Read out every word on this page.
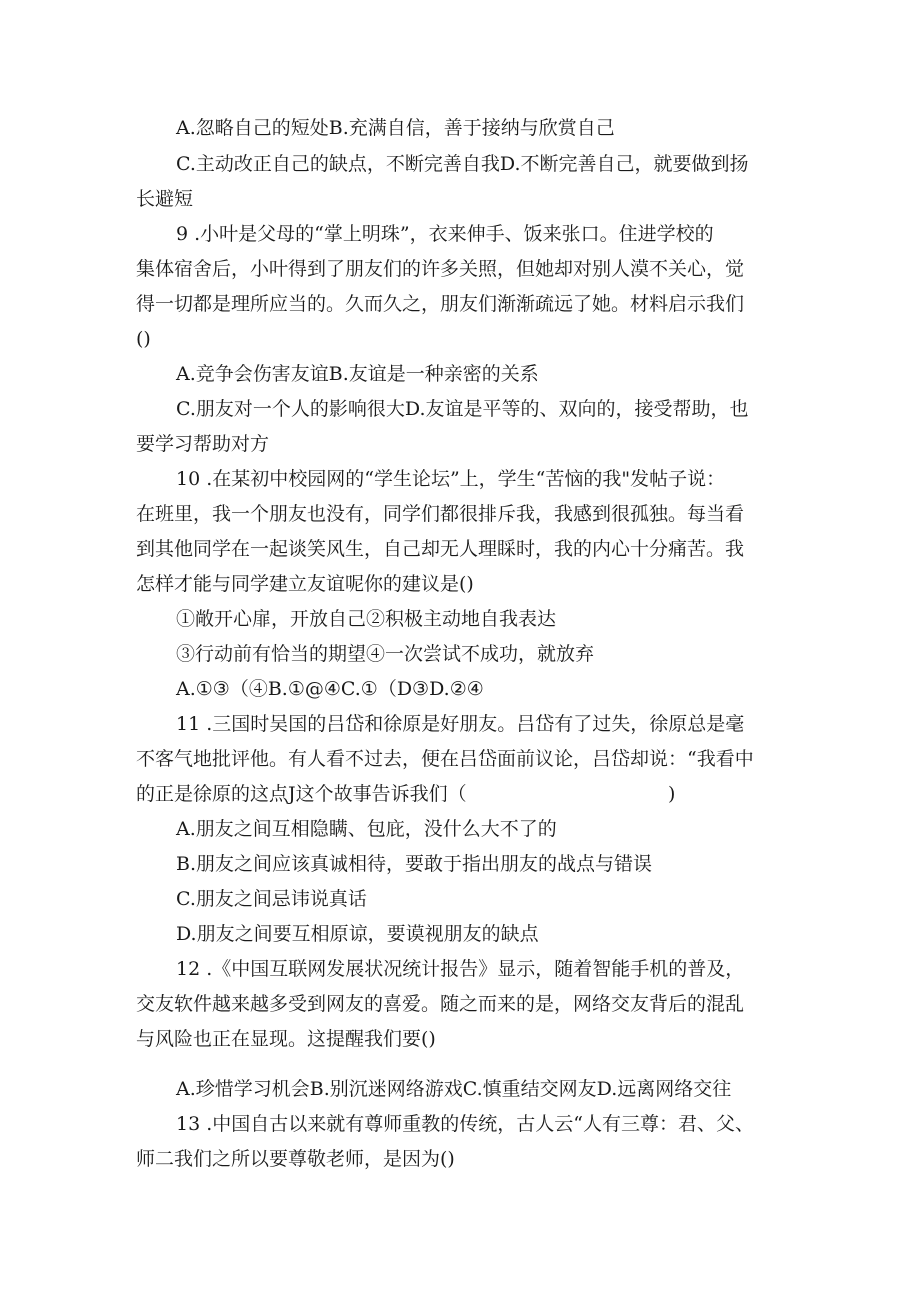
A.忽略自己的短处B.充满自信，善于接纳与欣赏自己
C.主动改正自己的缺点，不断完善自我D.不断完善自己，就要做到扬
长避短
9 .小叶是父母的“掌上明珠”，衣来伸手、饭来张口。住进学校的
集体宿舍后，小叶得到了朋友们的许多关照，但她却对别人漠不关心，觉
得一切都是理所应当的。久而久之，朋友们渐渐疏远了她。材料启示我们
()
A.竞争会伤害友谊B.友谊是一种亲密的关系
C.朋友对一个人的影响很大D.友谊是平等的、双向的，接受帮助，也
要学习帮助对方
10 .在某初中校园网的“学生论坛”上，学生“苦恼的我"发帖子说：
在班里，我一个朋友也没有，同学们都很排斥我，我感到很孤独。每当看
到其他同学在一起谈笑风生，自己却无人理睬时，我的内心十分痛苦。我
怎样才能与同学建立友谊呢你的建议是()
①敞开心扉，开放自己②积极主动地自我表达
③行动前有恰当的期望④一次尝试不成功，就放弃
A.①③（④B.①@④C.①（D③D.②④
11 .三国时吴国的吕岱和徐原是好朋友。吕岱有了过失，徐原总是毫
不客气地批评他。有人看不过去，便在吕岱面前议论，吕岱却说：“我看中
的正是徐原的这点J这个故事告诉我们（	)
A.朋友之间互相隐瞒、包庇，没什么大不了的
B.朋友之间应该真诚相待，要敢于指出朋友的战点与错误
C.朋友之间忌讳说真话
D.朋友之间要互相原谅，要谟视朋友的缺点
12 .《中国互联网发展状况统计报告》显示，随着智能手机的普及，
交友软件越来越多受到网友的喜爱。随之而来的是，网络交友背后的混乱
与风险也正在显现。这提醒我们要()
A.珍惜学习机会B.别沉迷网络游戏C.慎重结交网友D.远离网络交往
13 .中国自古以来就有尊师重教的传统，古人云“人有三尊：君、父、
师二我们之所以要尊敬老师，是因为()
